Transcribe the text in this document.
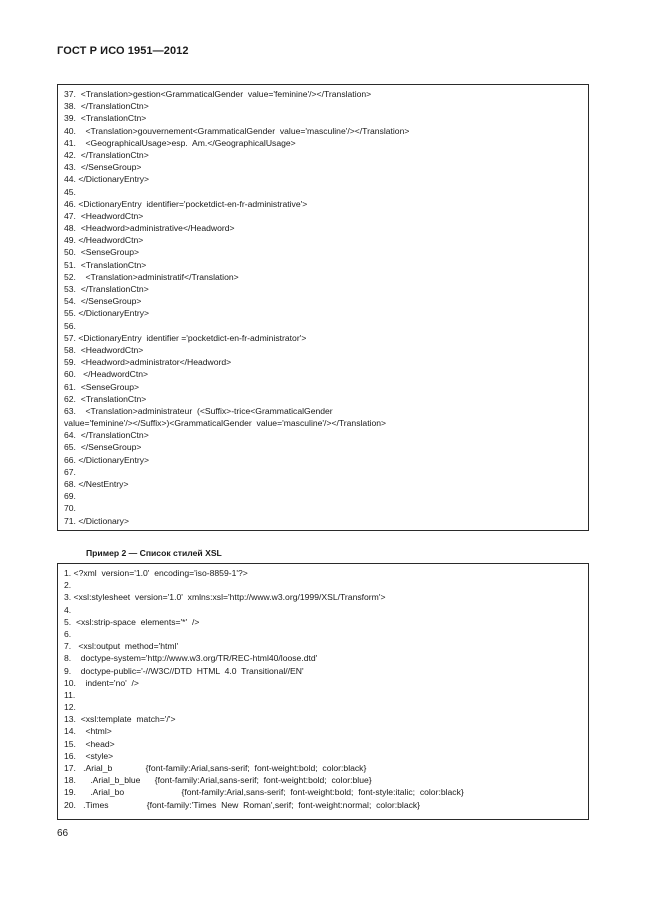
ГОСТ Р ИСО 1951—2012
37.  <Translation>gestion<GrammaticalGender  value='feminine'/></Translation>
38.  </TranslationCtn>
39.  <TranslationCtn>
40.    <Translation>gouvernement<GrammaticalGender  value='masculine'/></Translation>
41.    <GeographicalUsage>esp.  Am.</GeographicalUsage>
42.  </TranslationCtn>
43.  </SenseGroup>
44. </DictionaryEntry>
45.
46. <DictionaryEntry  identifier='pocketdict-en-fr-administrative'>
47.  <HeadwordCtn>
48.  <Headword>administrative</Headword>
49. </HeadwordCtn>
50.  <SenseGroup>
51.  <TranslationCtn>
52.    <Translation>administratif</Translation>
53.  </TranslationCtn>
54.  </SenseGroup>
55. </DictionaryEntry>
56.
57. <DictionaryEntry  identifier ='pocketdict-en-fr-administrator'>
58.  <HeadwordCtn>
59.  <Headword>administrator</Headword>
60.   </HeadwordCtn>
61.  <SenseGroup>
62.  <TranslationCtn>
63.    <Translation>administrateur  (<Suffix>-trice<GrammaticalGender
value='feminine'/></Suffix>)<GrammaticalGender  value='masculine'/></Translation>
64.  </TranslationCtn>
65.  </SenseGroup>
66. </DictionaryEntry>
67.
68. </NestEntry>
69.
70.
71. </Dictionary>
Пример 2 — Список стилей XSL
1. <?xml  version='1.0'  encoding='iso-8859-1'?>
2.
3. <xsl:stylesheet  version='1.0'  xmlns:xsl='http://www.w3.org/1999/XSL/Transform'>
4.
5.  <xsl:strip-space  elements='*'  />
6.
7.   <xsl:output  method='html'
8.    doctype-system='http://www.w3.org/TR/REC-html40/loose.dtd'
9.    doctype-public='-//W3C//DTD  HTML  4.0  Transitional//EN'
10.    indent='no'  />
11.
12.
13.  <xsl:template  match='/'>
14.    <html>
15.    <head>
16.    <style>
17.   .Arial_b              {font-family:Arial,sans-serif;  font-weight:bold;  color:black}
18.      .Arial_b_blue      {font-family:Arial,sans-serif;  font-weight:bold;  color:blue}
19.      .Arial_bo                        {font-family:Arial,sans-serif;  font-weight:bold;  font-style:italic;  color:black}
20.   .Times                {font-family:'Times  New  Roman',serif;  font-weight:normal;  color:black}
66
